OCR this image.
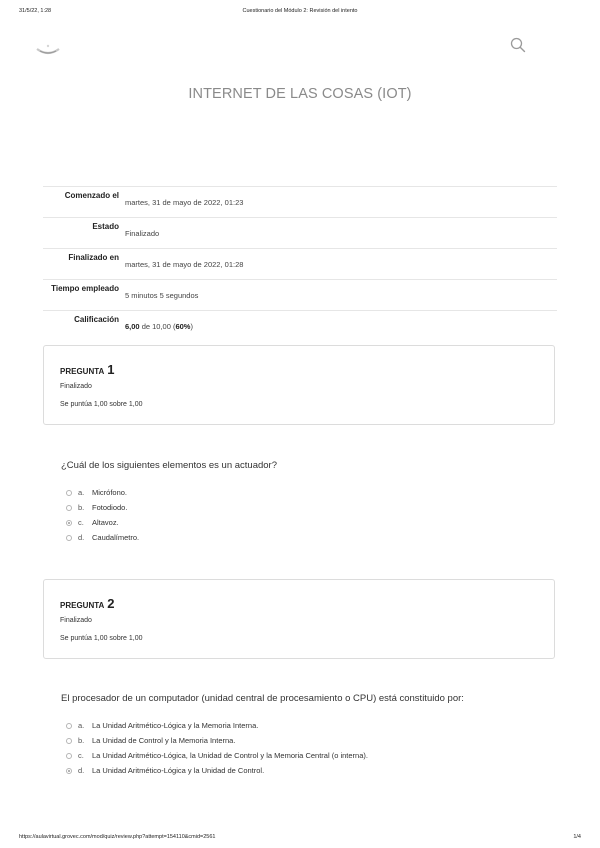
31/5/22, 1:28	Cuestionario del Módulo 2: Revisión del intento
INTERNET DE LAS COSAS (IOT)
Comenzado el
martes, 31 de mayo de 2022, 01:23
Estado
Finalizado
Finalizado en
martes, 31 de mayo de 2022, 01:28
Tiempo empleado
5 minutos 5 segundos
Calificación
6,00 de 10,00 (60%)
PREGUNTA 1
Finalizado
Se puntúa 1,00 sobre 1,00
¿Cuál de los siguientes elementos es un actuador?
a.	Micrófono.
b.	Fotodiodo.
c.	Altavoz.
d.	Caudalímetro.
PREGUNTA 2
Finalizado
Se puntúa 1,00 sobre 1,00
El procesador de un computador (unidad central de procesamiento o CPU) está constituido por:
a.	La Unidad Aritmético-Lógica y la Memoria Interna.
b.	La Unidad de Control y la Memoria Interna.
c.	La Unidad Aritmético-Lógica, la Unidad de Control y la Memoria Central (o interna).
d.	La Unidad Aritmético-Lógica y la Unidad de Control.
https://aulavirtual.grovec.com/mod/quiz/review.php?attempt=154110&cmid=2561	1/4
